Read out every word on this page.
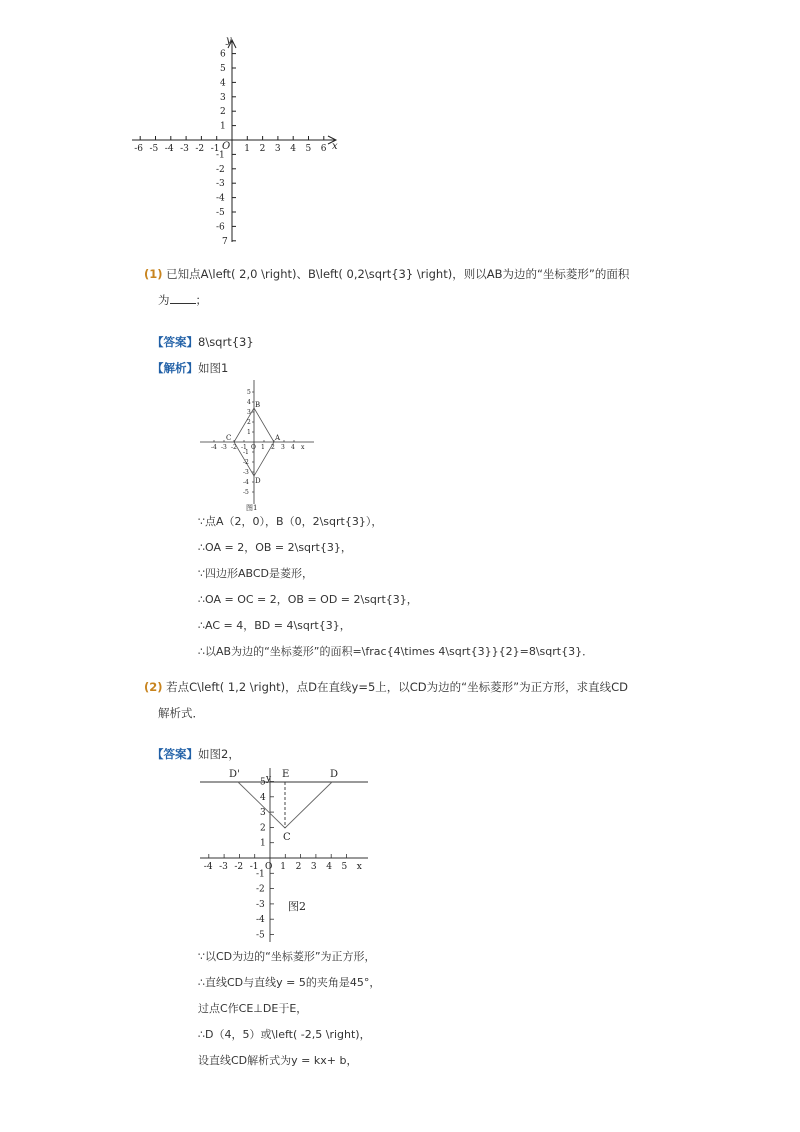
O	x
y
-6 -5 -4 -3 -2 -1	1 2 3 4 5 6
1
-1
2
-2
3
-3
4
-4
5
-5
6
-6
7
(1) 已知点A\left( 2,0 \right)、B\left( 0,2\sqrt{3} \right)，则以AB为边的“坐标菱形”的面积
为 ；
【答案】8\sqrt{3}
【解析】如图1
-4 -3 -2 -1 O 1 2 3 4 x
5
4
3
2
1
-1
-2
-3
-4
-5
B
C	A
D
图1
∵点A（2，0），B（0，2\sqrt{3}），
∴OA = 2，OB = 2\sqrt{3}，
∵四边形ABCD是菱形，
∴OA = OC = 2，OB = OD = 2\sqrt{3}，
∴AC = 4，BD = 4\sqrt{3}，
∴以AB为边的“坐标菱形”的面积=\frac{4\times 4\sqrt{3}}{2}=8\sqrt{3}．
(2) 若点C\left( 1,2 \right)，点D在直线y=5上，以CD为边的“坐标菱形”为正方形，求直线CD
解析式．
【答案】如图2，
-4 -3 -2 -1 O 1 2 3 4 5 x
5
4
3
2
1
-1
-2
-3
-4
-5
y
D'	E	D
C
图2
∵以CD为边的“坐标菱形”为正方形，
∴直线CD与直线y = 5的夹角是45°，
过点C作CE⊥DE于E，
∴D（4，5）或\left( -2,5 \right)，
设直线CD解析式为y = kx+ b，
